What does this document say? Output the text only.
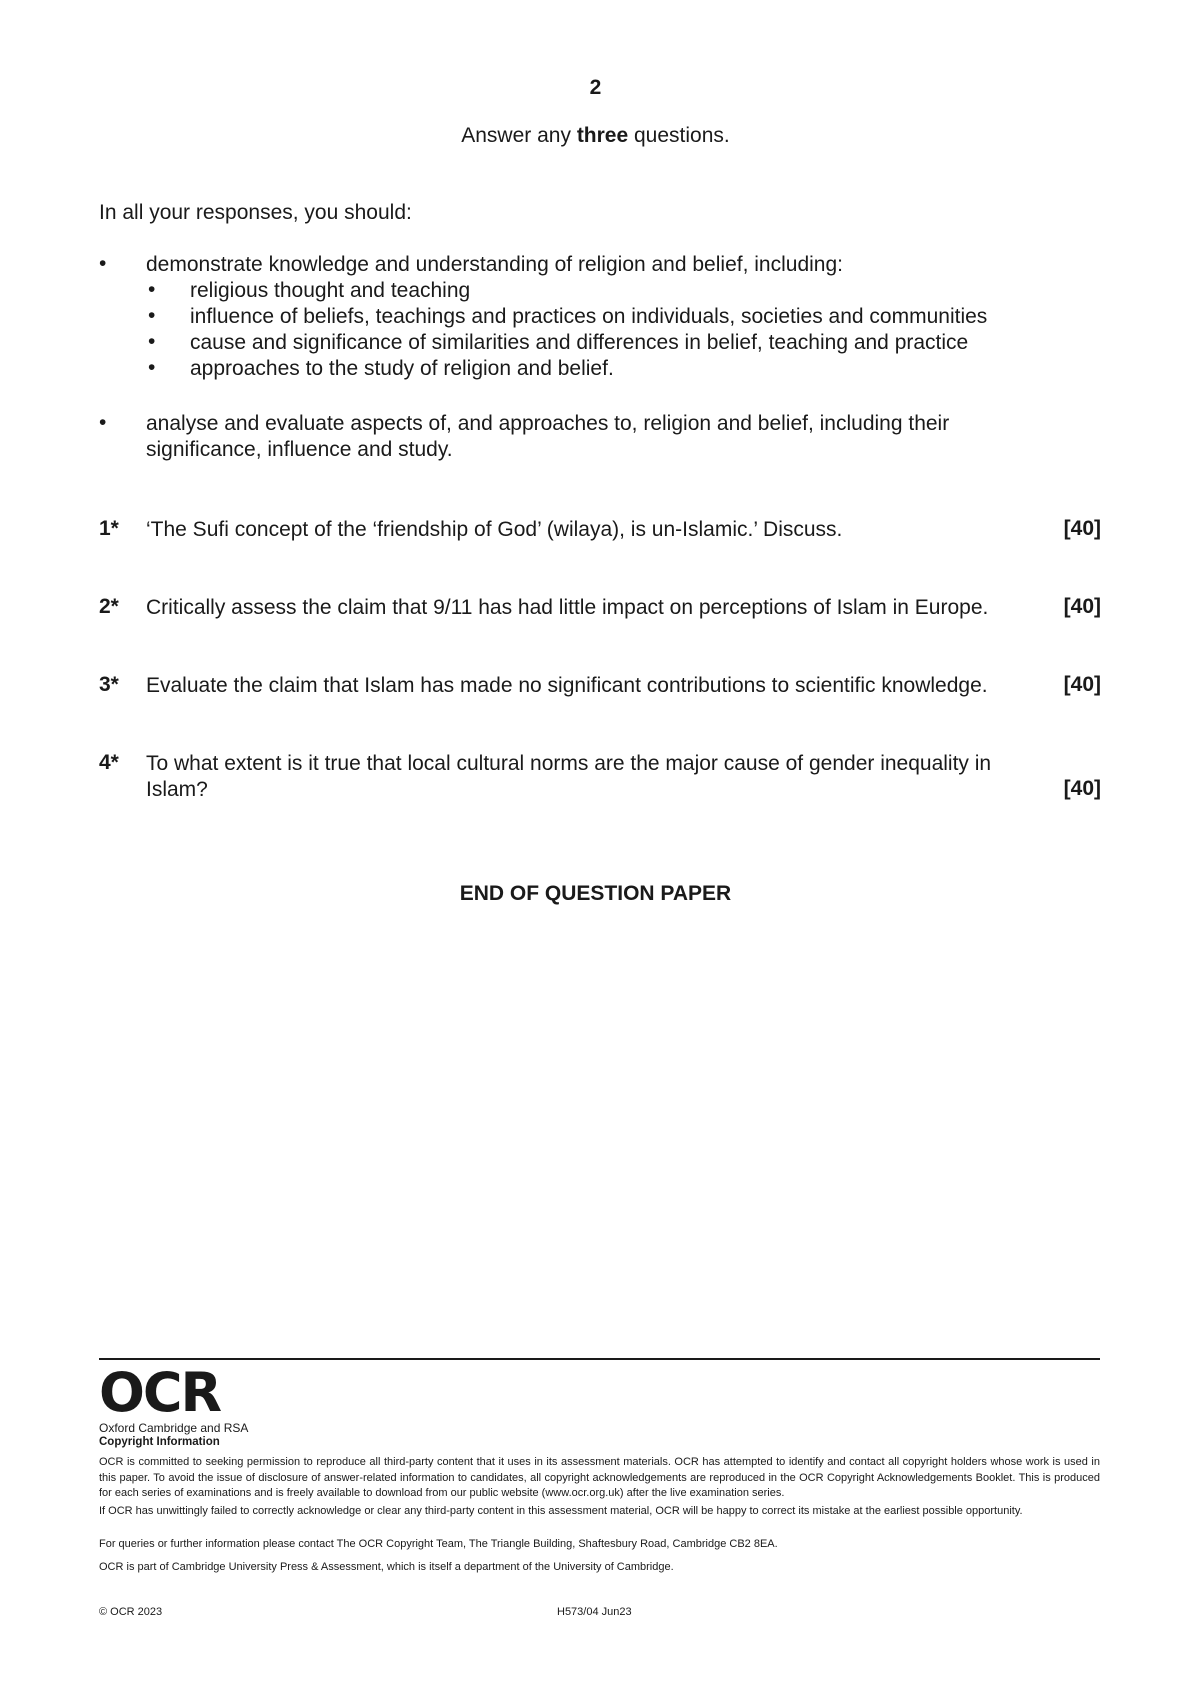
2
Answer any three questions.
In all your responses, you should:
• demonstrate knowledge and understanding of religion and belief, including:
• religious thought and teaching
• influence of beliefs, teachings and practices on individuals, societies and communities
• cause and significance of similarities and differences in belief, teaching and practice
• approaches to the study of religion and belief.
• analyse and evaluate aspects of, and approaches to, religion and belief, including their
significance, influence and study.
1* ‘The Sufi concept of the ‘friendship of God’ (wilaya), is un-Islamic.’ Discuss.	[40]
2* Critically assess the claim that 9/11 has had little impact on perceptions of Islam in Europe.	[40]
3* Evaluate the claim that Islam has made no significant contributions to scientific knowledge.	[40]
4* To what extent is it true that local cultural norms are the major cause of gender inequality in
Islam?	[40]
END OF QUESTION PAPER
OCR
Oxford Cambridge and RSA
Copyright Information
OCR is committed to seeking permission to reproduce all third-party content that it uses in its assessment materials. OCR has attempted to identify and contact all copyright holders whose work is used in this paper. To avoid the issue of disclosure of answer-related information to candidates, all copyright acknowledgements are reproduced in the OCR Copyright Acknowledgements Booklet. This is produced for each series of examinations and is freely available to download from our public website (www.ocr.org.uk) after the live examination series.
If OCR has unwittingly failed to correctly acknowledge or clear any third-party content in this assessment material, OCR will be happy to correct its mistake at the earliest possible opportunity.
For queries or further information please contact The OCR Copyright Team, The Triangle Building, Shaftesbury Road, Cambridge CB2 8EA.
OCR is part of Cambridge University Press & Assessment, which is itself a department of the University of Cambridge.
© OCR 2023	H573/04 Jun23
